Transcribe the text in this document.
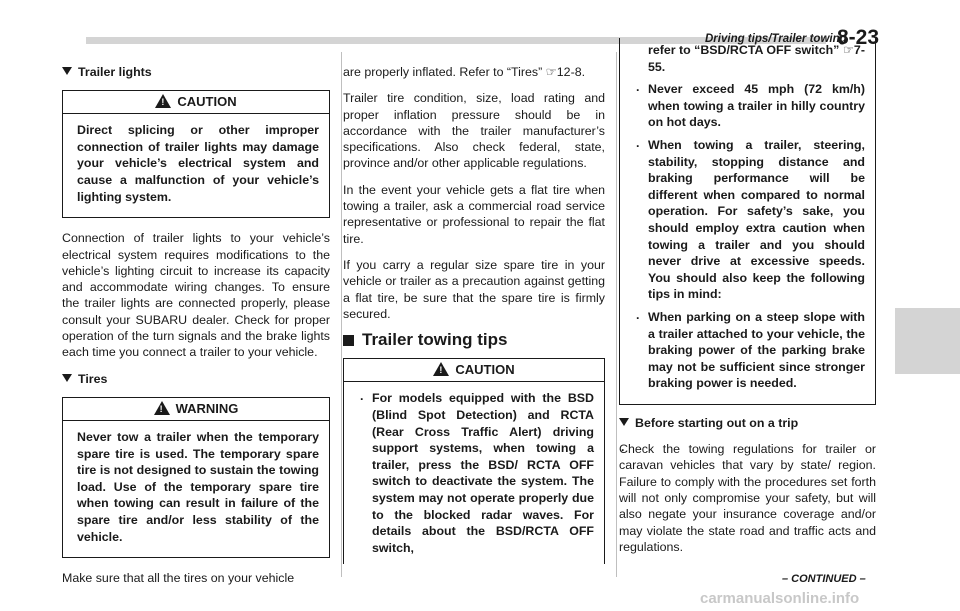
Driving tips/Trailer towing
8-23
Trailer lights
! CAUTION

Direct splicing or other improper connection of trailer lights may damage your vehicle’s electrical system and cause a malfunction of your vehicle’s lighting system.

Connection of trailer lights to your vehicle’s electrical system requires modifications to the vehicle’s lighting circuit to increase its capacity and accommodate wiring changes. To ensure the trailer lights are connected properly, please consult your SUBARU dealer. Check for proper operation of the turn signals and the brake lights each time you connect a trailer to your vehicle.

Tires
! WARNING

Never tow a trailer when the temporary spare tire is used. The temporary spare tire is not designed to sustain the towing load. Use of the temporary spare tire when towing can result in failure of the spare tire and/or less stability of the vehicle.

Make sure that all the tires on your vehicle

are properly inflated. Refer to “Tires” ☞12-8.

Trailer tire condition, size, load rating and proper inflation pressure should be in accordance with the trailer manufacturer’s specifications. Also check federal, state, province and/or other applicable regulations.

In the event your vehicle gets a flat tire when towing a trailer, ask a commercial road service representative or professional to repair the flat tire.

If you carry a regular size spare tire in your vehicle or trailer as a precaution against getting a flat tire, be sure that the spare tire is firmly secured.

Trailer towing tips
! CAUTION
. For models equipped with the BSD (Blind Spot Detection) and RCTA (Rear Cross Traffic Alert) driving support systems, when towing a trailer, press the BSD/ RCTA OFF switch to deactivate the system. The system may not operate properly due to the blocked radar waves. For details about the BSD/RCTA OFF switch,
refer to “BSD/RCTA OFF switch” ☞7-55.
. Never exceed 45 mph (72 km/h) when towing a trailer in hilly country on hot days.
. When towing a trailer, steering, stability, stopping distance and braking performance will be different when compared to normal operation. For safety’s sake, you should employ extra caution when towing a trailer and you should never drive at excessive speeds. You should also keep the following tips in mind:
. When parking on a steep slope with a trailer attached to your vehicle, the braking power of the parking brake may not be sufficient since stronger braking power is needed.
Before starting out on a trip
. Check the towing regulations for trailer or caravan vehicles that vary by state/ region. Failure to comply with the procedures set forth will not only compromise your safety, but will also negate your insurance coverage and/or may violate the state road and traffic acts and regulations.
– CONTINUED –
carmanualsonline.info
